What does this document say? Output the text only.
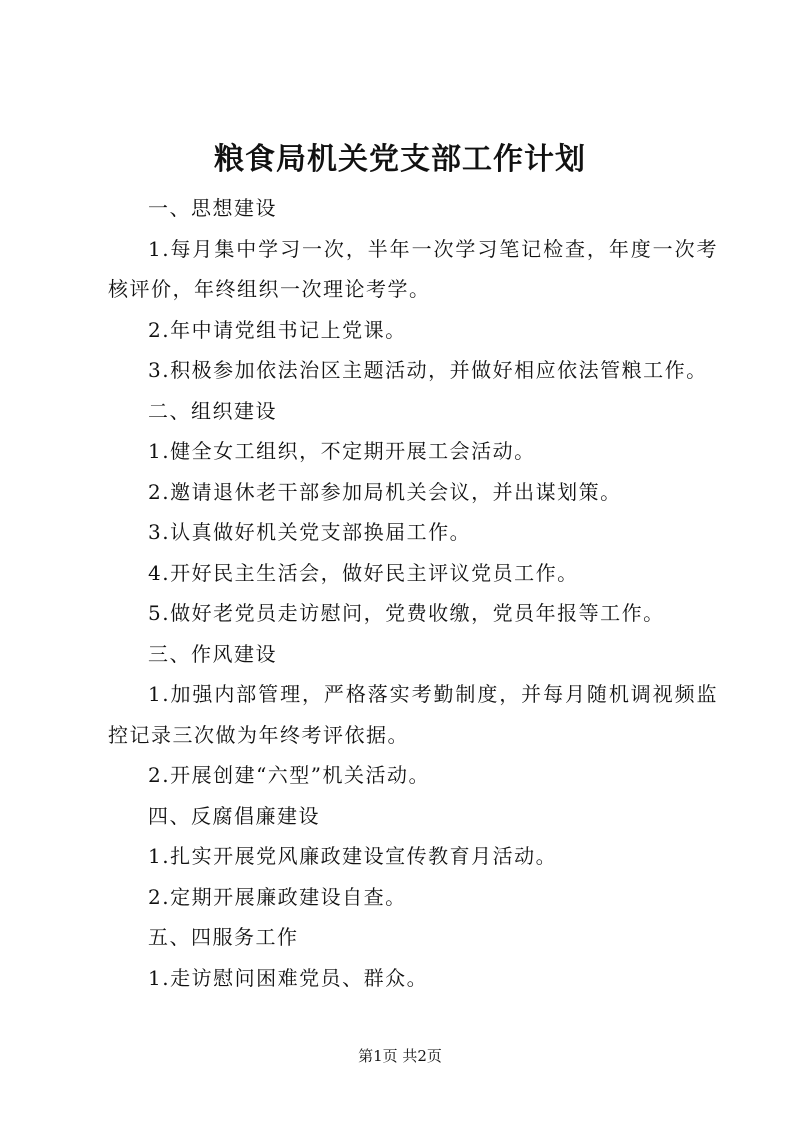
粮食局机关党支部工作计划

一、思想建设

1.每月集中学习一次，半年一次学习笔记检查，年度一次考核评价，年终组织一次理论考学。

2.年中请党组书记上党课。

3.积极参加依法治区主题活动，并做好相应依法管粮工作。

二、组织建设

1.健全女工组织，不定期开展工会活动。

2.邀请退休老干部参加局机关会议，并出谋划策。

3.认真做好机关党支部换届工作。

4.开好民主生活会，做好民主评议党员工作。

5.做好老党员走访慰问，党费收缴，党员年报等工作。

三、作风建设

1.加强内部管理，严格落实考勤制度，并每月随机调视频监控记录三次做为年终考评依据。

2.开展创建“六型”机关活动。

四、反腐倡廉建设

1.扎实开展党风廉政建设宣传教育月活动。

2.定期开展廉政建设自查。

五、四服务工作

1.走访慰问困难党员、群众。

第1页 共2页
